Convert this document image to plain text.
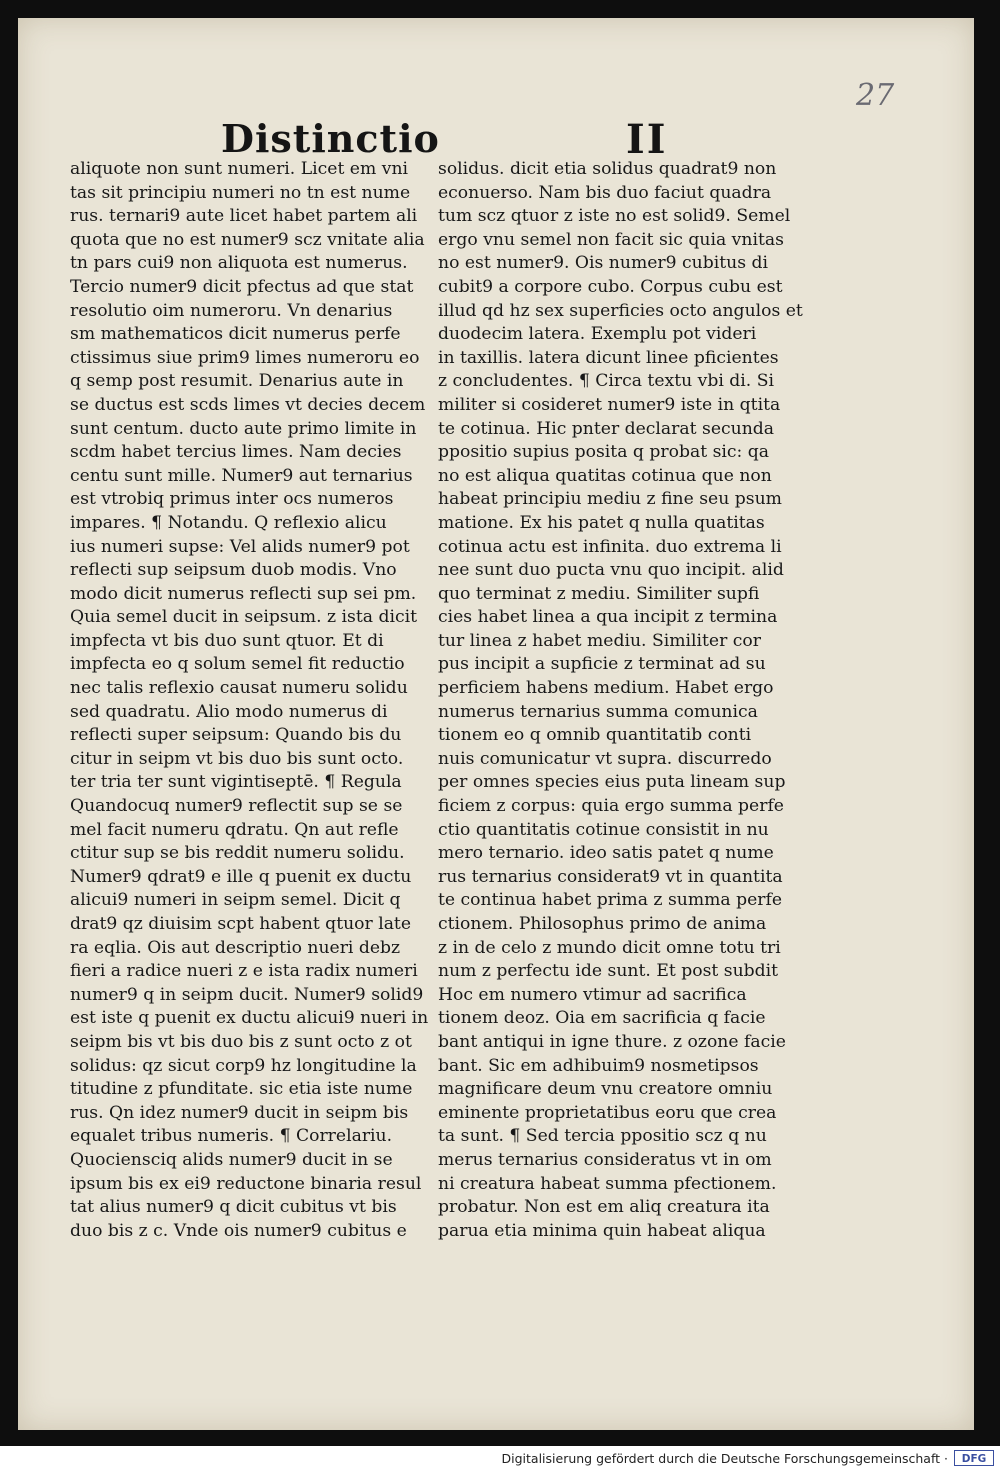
27
Distinctio	II
aliquote non sunt numeri. Licet em vni
tas sit principiu numeri no tn est nume
rus. ternari9 aute licet habet partem ali
quota que no est numer9 scz vnitate alia
tn pars cui9 non aliquota est numerus.
Tercio numer9 dicit pfectus ad que stat
resolutio oim numeroru. Vn denarius
sm mathematicos dicit numerus perfe
ctissimus siue prim9 limes numeroru eo
q semp post resumit. Denarius aute in
se ductus est scds limes vt decies decem
sunt centum. ducto aute primo limite in
scdm habet tercius limes. Nam decies
centu sunt mille. Numer9 aut ternarius
est vtrobiq primus inter ocs numeros
impares. ¶ Notandu. Q reflexio alicu
ius numeri supse: Vel alids numer9 pot
reflecti sup seipsum duob modis. Vno
modo dicit numerus reflecti sup sei pm.
Quia semel ducit in seipsum. z ista dicit
impfecta vt bis duo sunt qtuor. Et di
impfecta eo q solum semel fit reductio
nec talis reflexio causat numeru solidu
sed quadratu. Alio modo numerus di
reflecti super seipsum: Quando bis du
citur in seipm vt bis duo bis sunt octo.
ter tria ter sunt vigintiseptē. ¶ Regula
Quandocuq numer9 reflectit sup se se
mel facit numeru qdratu. Qn aut refle
ctitur sup se bis reddit numeru solidu.
Numer9 qdrat9 e ille q puenit ex ductu
alicui9 numeri in seipm semel. Dicit q
drat9 qz diuisim scpt habent qtuor late
ra eqlia. Ois aut descriptio nueri debz
fieri a radice nueri z e ista radix numeri
numer9 q in seipm ducit. Numer9 solid9
est iste q puenit ex ductu alicui9 nueri in
seipm bis vt bis duo bis z sunt octo z ot
solidus: qz sicut corp9 hz longitudine la
titudine z pfunditate. sic etia iste nume
rus. Qn idez numer9 ducit in seipm bis
equalet tribus numeris. ¶ Correlariu.
Quociensciq alids numer9 ducit in se
ipsum bis ex ei9 reductone binaria resul
tat alius numer9 q dicit cubitus vt bis
duo bis z c. Vnde ois numer9 cubitus e
solidus. dicit etia solidus quadrat9 non
econuerso. Nam bis duo faciut quadra
tum scz qtuor z iste no est solid9. Semel
ergo vnu semel non facit sic quia vnitas
no est numer9. Ois numer9 cubitus di
cubit9 a corpore cubo. Corpus cubu est
illud qd hz sex superficies octo angulos et
duodecim latera. Exemplu pot videri
in taxillis. latera dicunt linee pficientes
z concludentes. ¶ Circa textu vbi di. Si
militer si cosideret numer9 iste in qtita
te cotinua. Hic pnter declarat secunda
ppositio supius posita q probat sic: qa
no est aliqua quatitas cotinua que non
habeat principiu mediu z fine seu psum
matione. Ex his patet q nulla quatitas
cotinua actu est infinita. duo extrema li
nee sunt duo pucta vnu quo incipit. alid
quo terminat z mediu. Similiter supfi
cies habet linea a qua incipit z termina
tur linea z habet mediu. Similiter cor
pus incipit a supficie z terminat ad su
perficiem habens medium. Habet ergo
numerus ternarius summa comunica
tionem eo q omnib quantitatib conti
nuis comunicatur vt supra. discurredo
per omnes species eius puta lineam sup
ficiem z corpus: quia ergo summa perfe
ctio quantitatis cotinue consistit in nu
mero ternario. ideo satis patet q nume
rus ternarius considerat9 vt in quantita
te continua habet prima z summa perfe
ctionem. Philosophus primo de anima
z in de celo z mundo dicit omne totu tri
num z perfectu ide sunt. Et post subdit
Hoc em numero vtimur ad sacrifica
tionem deoz. Oia em sacrificia q facie
bant antiqui in igne thure. z ozone facie
bant. Sic em adhibuim9 nosmetipsos
magnificare deum vnu creatore omniu
eminente proprietatibus eoru que crea
ta sunt. ¶ Sed tercia ppositio scz q nu
merus ternarius consideratus vt in om
ni creatura habeat summa pfectionem.
probatur. Non est em aliq creatura ita
parua etia minima quin habeat aliqua
Digitalisierung gefördert durch die Deutsche Forschungsgemeinschaft ·	DFG
